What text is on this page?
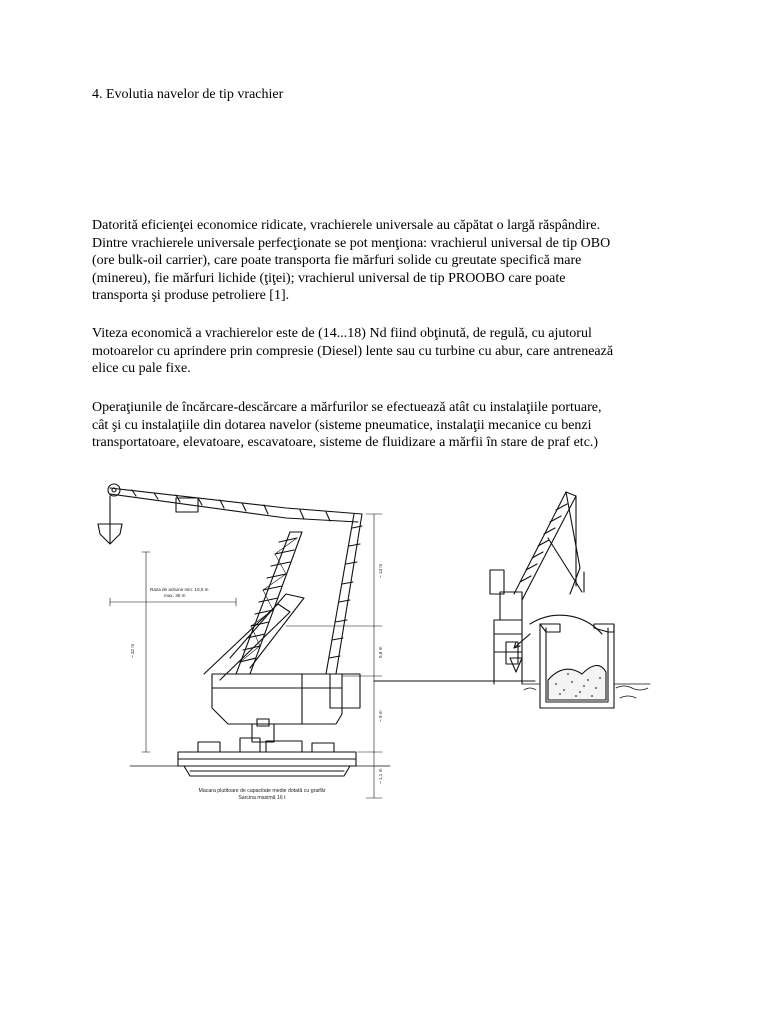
4. Evolutia navelor de tip vrachier
Datorită eficienţei economice ridicate, vrachierele universale au căpătat o largă răspândire.
Dintre vrachierele universale perfecţionate se pot menţiona: vrachierul universal de tip OBO
(ore bulk-oil carrier), care poate transporta fie mărfuri solide cu greutate specifică mare
(minereu), fie mărfuri lichide (ţiţei); vrachierul universal de tip PROOBO care poate
transporta şi produse petroliere [1].
Viteza economică a vrachierelor este de (14...18) Nd fiind obţinută, de regulă, cu ajutorul
motoarelor cu aprindere prin compresie (Diesel) lente sau cu turbine cu abur, care antrenează
elice cu pale fixe.
Operaţiunile de încărcare-descărcare a mărfurilor se efectuează atât cu instalaţiile portuare,
cât şi cu instalaţiile din dotarea navelor (sisteme pneumatice, instalaţii mecanice cu benzi
transportatoare, elevatoare, escavatoare, sisteme de fluidizare a mărfii în stare de praf etc.)
Raza de actiune min. 10,5 m
max. 30 m
~ 32 m
~ 13 m
5,8 m
~ 9 m
~ 1,1 m
Macara plutitoare de capacitate medie dotată cu graifăr
Sarcina maximă 16 t
